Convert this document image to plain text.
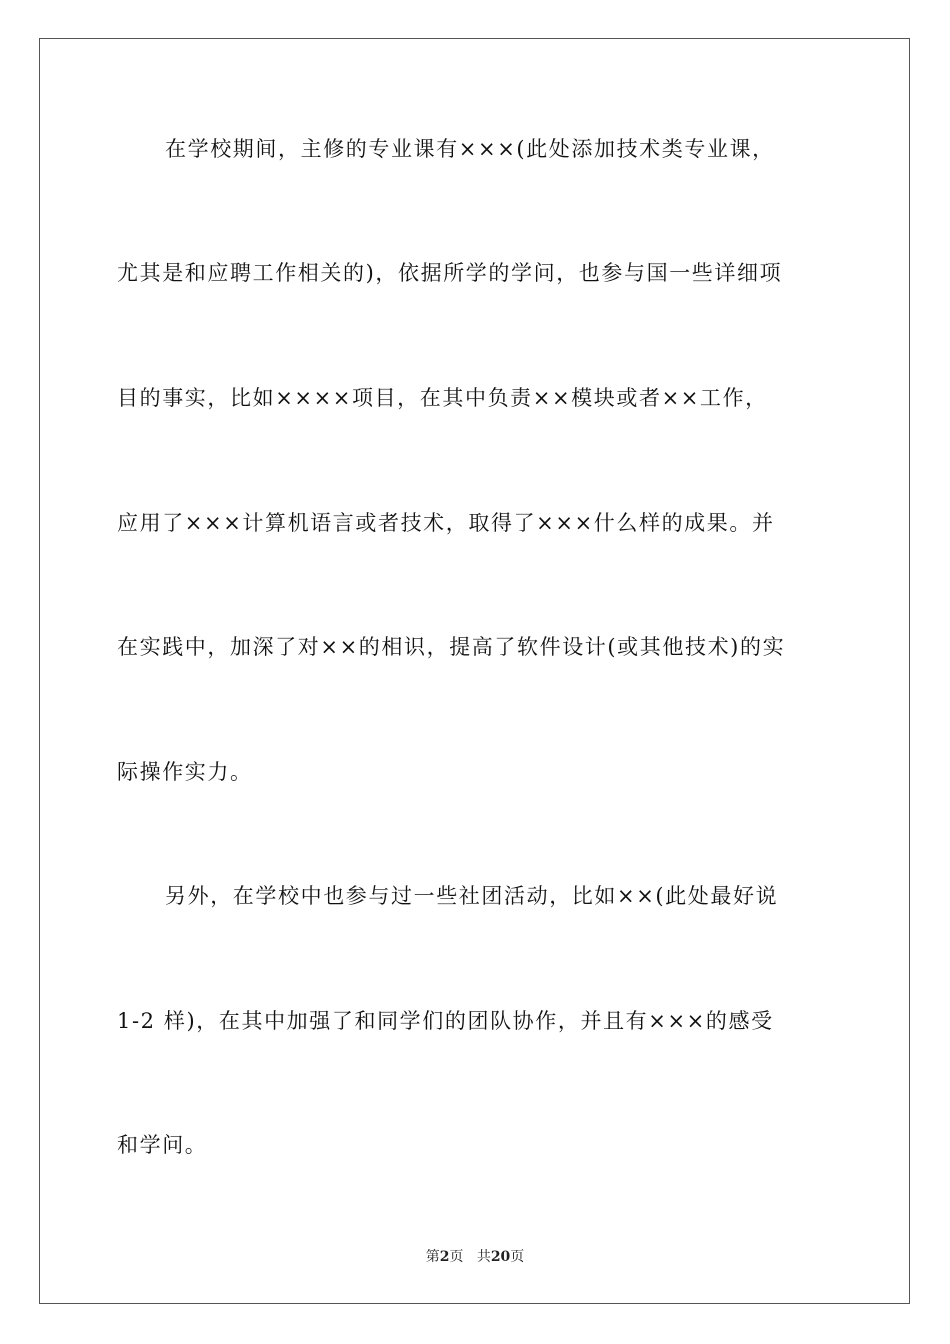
在学校期间，主修的专业课有×××(此处添加技术类专业课，
尤其是和应聘工作相关的)，依据所学的学问，也参与国一些详细项
目的事实，比如××××项目，在其中负责××模块或者××工作，
应用了×××计算机语言或者技术，取得了×××什么样的成果。并
在实践中，加深了对××的相识，提高了软件设计(或其他技术)的实
际操作实力。
另外，在学校中也参与过一些社团活动，比如××(此处最好说
1-2 样)，在其中加强了和同学们的团队协作，并且有×××的感受
和学问。
第2页 共20页
